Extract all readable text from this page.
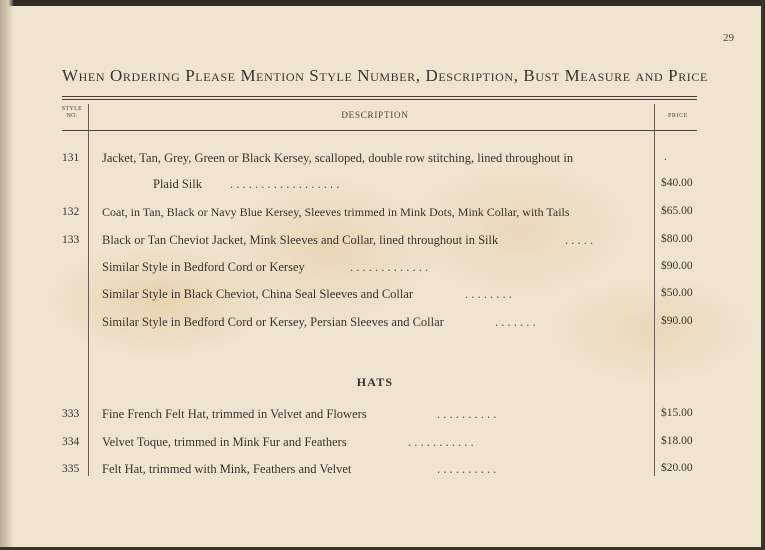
29
When Ordering Please Mention Style Number, Description, Bust Measure and Price
STYLE
NO.	DESCRIPTION	PRICE
131	Jacket, Tan, Grey, Green or Black Kersey, scalloped, double row stitching, lined throughout in	.
Plaid Silk . . . . . . . . . . . . . . . . . .	$40.00
132	Coat, in Tan, Black or Navy Blue Kersey, Sleeves trimmed in Mink Dots, Mink Collar, with Tails	$65.00
133	Black or Tan Cheviot Jacket, Mink Sleeves and Collar, lined throughout in Silk	. . . . .	$80.00
Similar Style in Bedford Cord or Kersey	. . . . . . . . . . . . .	$90.00
Similar Style in Black Cheviot, China Seal Sleeves and Collar	. . . . . . . .	$50.00
Similar Style in Bedford Cord or Kersey, Persian Sleeves and Collar	. . . . . . .	$90.00
HATS
333	Fine French Felt Hat, trimmed in Velvet and Flowers	. . . . . . . . . .	$15.00
334	Velvet Toque, trimmed in Mink Fur and Feathers	. . . . . . . . . . .	$18.00
335	Felt Hat, trimmed with Mink, Feathers and Velvet	. . . . . . . . . .	$20.00
